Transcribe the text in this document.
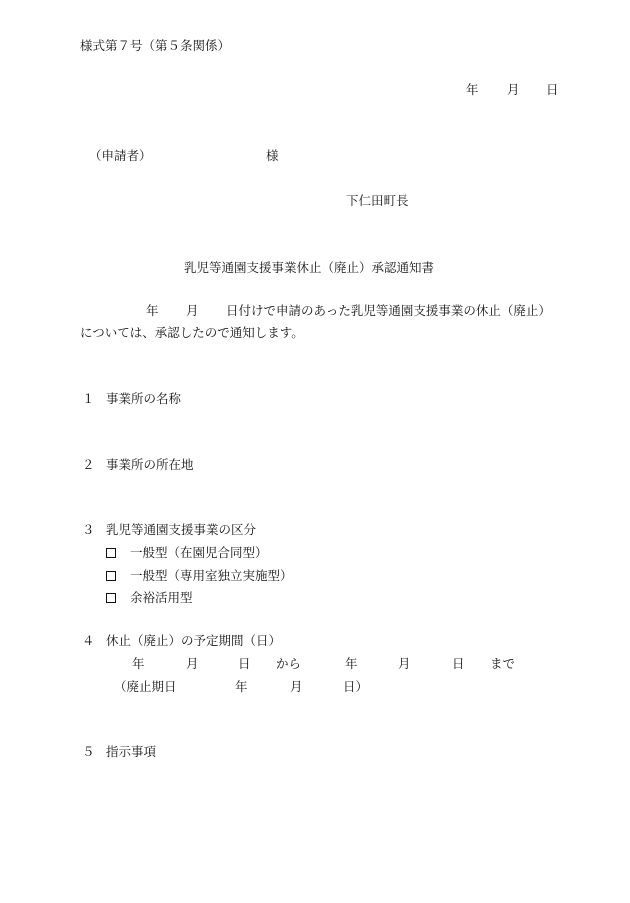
様式第７号（第５条関係）
年 月 日
（申請者）	様
下仁田町長
乳児等通園支援事業休止（廃止）承認通知書
年 月 日付けで申請のあった乳児等通園支援事業の休止（廃止）
については、承認したので通知します。
１ 事業所の名称
２ 事業所の所在地
３ 乳児等通園支援事業の区分
一般型（在園児合同型）
一般型（専用室独立実施型）
余裕活用型
４ 休止（廃止）の予定期間（日）
年	月	日 から	年	月	日 まで
（廃止期日	年	月	日）
５ 指示事項
